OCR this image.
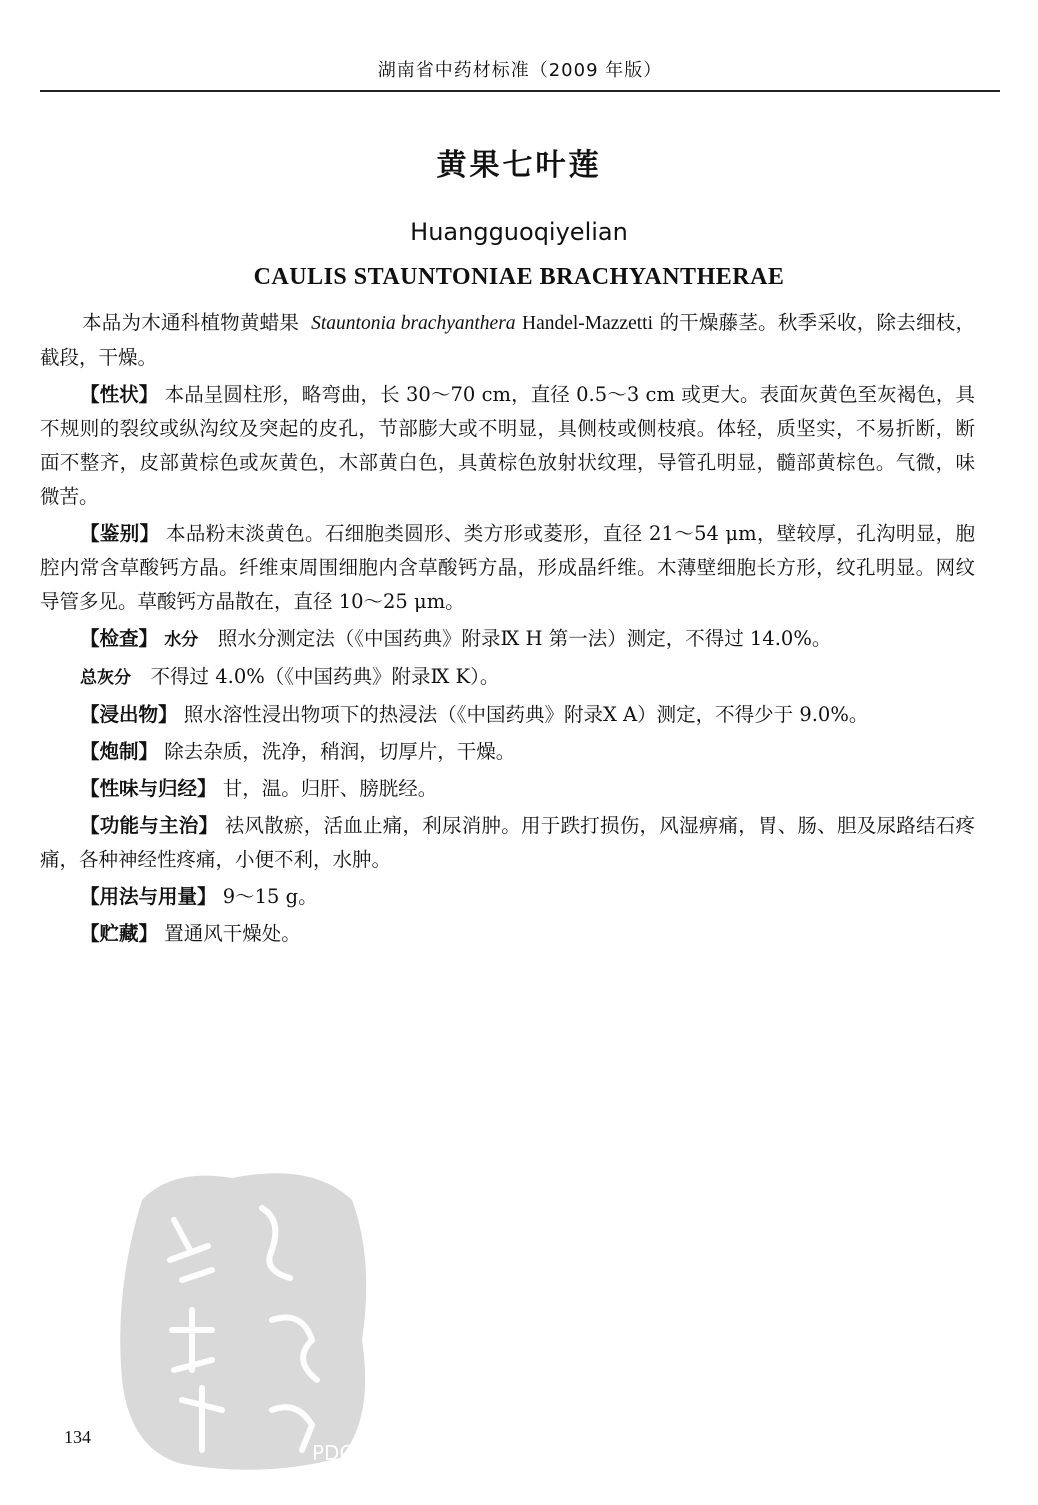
湖南省中药材标准（2009 年版）
黄果七叶莲
Huangguoqiyelian
CAULIS STAUNTONIAE BRACHYANTHERAE

本品为木通科植物黄蜡果 Stauntonia brachyanthera Handel-Mazzetti 的干燥藤茎。秋季采收，除去细枝，截段，干燥。

【性状】 本品呈圆柱形，略弯曲，长 30～70 cm，直径 0.5～3 cm 或更大。表面灰黄色至灰褐色，具不规则的裂纹或纵沟纹及突起的皮孔，节部膨大或不明显，具侧枝或侧枝痕。体轻，质坚实，不易折断，断面不整齐，皮部黄棕色或灰黄色，木部黄白色，具黄棕色放射状纹理，导管孔明显，髓部黄棕色。气微，味微苦。

【鉴别】 本品粉末淡黄色。石细胞类圆形、类方形或菱形，直径 21～54 μm，壁较厚，孔沟明显，胞腔内常含草酸钙方晶。纤维束周围细胞内含草酸钙方晶，形成晶纤维。木薄壁细胞长方形，纹孔明显。网纹导管多见。草酸钙方晶散在，直径 10～25 μm。

【检查】 水分　 照水分测定法（《中国药典》附录Ⅸ H 第一法）测定，不得过 14.0%。

总灰分　 不得过 4.0%（《中国药典》附录Ⅸ K）。

【浸出物】 照水溶性浸出物项下的热浸法（《中国药典》附录Ⅹ A）测定，不得少于 9.0%。

【炮制】 除去杂质，洗净，稍润，切厚片，干燥。

【性味与归经】 甘，温。归肝、膀胱经。

【功能与主治】 祛风散瘀，活血止痛，利尿消肿。用于跌打损伤，风湿痹痛，胃、肠、胆及尿路结石疼痛，各种神经性疼痛，小便不利，水肿。

【用法与用量】 9～15 g。

【贮藏】 置通风干燥处。

PDG
134
